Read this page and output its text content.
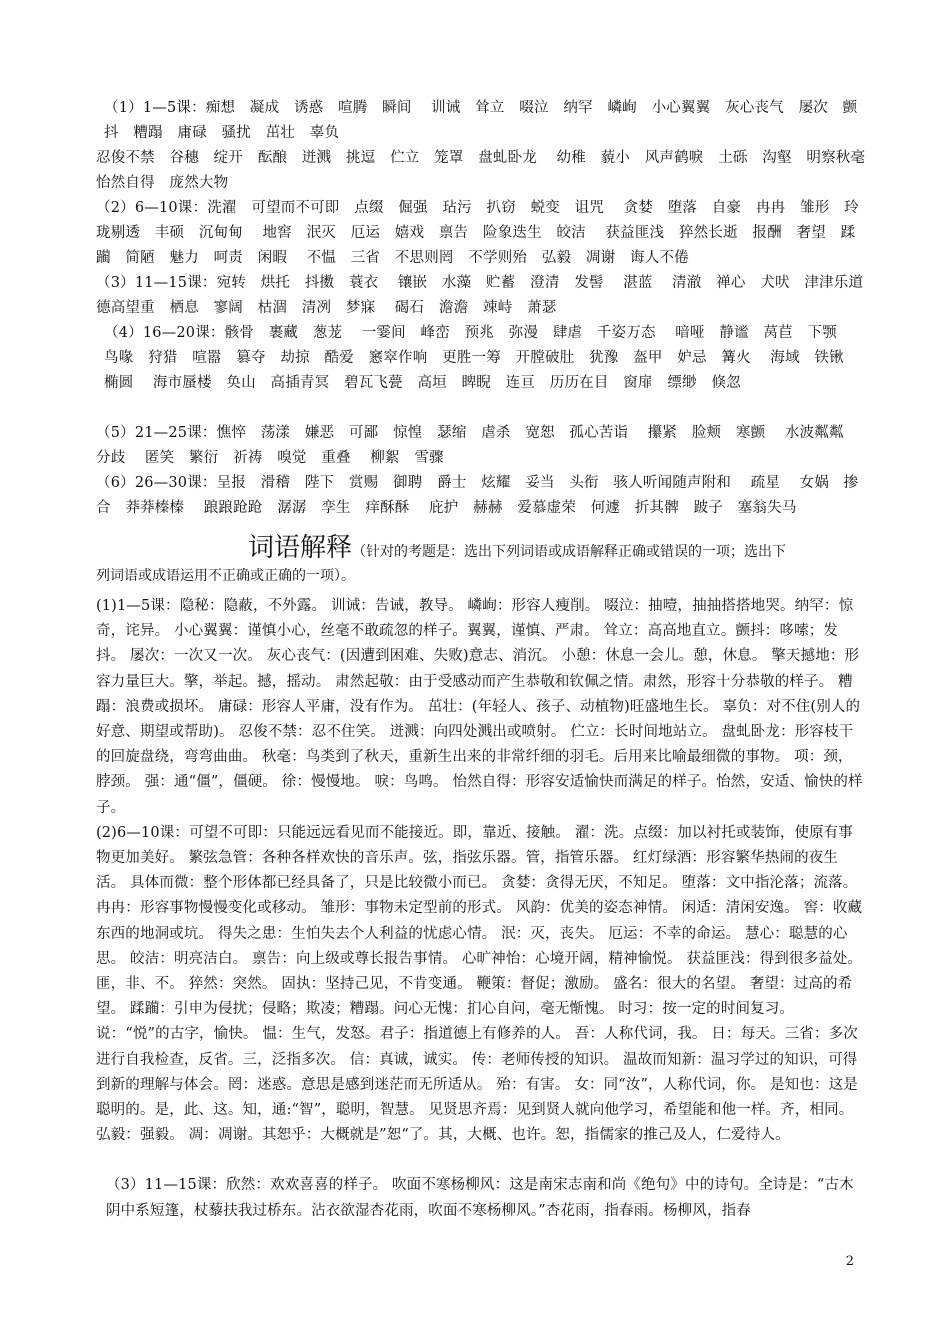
（1）1—5课：痴想　凝成　诱惑　喧腾　瞬间　 训诫　耸立　啜泣　纳罕　嶙峋　小心翼翼　灰心丧气　屡次　颤抖　糟蹋　庸碌　骚扰　茁壮　辜负

忍俊不禁　谷穗　绽开　酝酿　迸溅　挑逗　伫立　笼罩　盘虬卧龙　 幼稚　藐小　风声鹤唳　土砾　沟壑　明察秋毫　怡然自得　庞然大物

（2）6—10课：洗濯　可望而不可即　点缀　倔强　玷污　扒窃　蜕变　诅咒　 贪婪　堕落　自豪　冉冉　雏形　玲珑剔透　丰硕　沉甸甸　 地窖　泯灭　厄运　嬉戏　禀告　险象迭生　皎洁　 获益匪浅　猝然长逝　报酬　奢望　蹂躏　简陋　魅力　呵责　闲暇　 不愠　三省　不思则罔　不学则殆　弘毅　凋谢　诲人不倦

（3）11—15课：宛转　烘托　抖擞　蓑衣　 镶嵌　水藻　贮蓄　澄清　发髻　 湛蓝　 清澈　禅心　犬吠　津津乐道　德高望重　栖息　寥阔　枯涸　清冽　梦寐　 碣石　澹澹　竦峙　萧瑟

（4）16—20课：骸骨　裹藏　葱茏　 一霎间　峰峦　预兆　弥漫　肆虐　千姿万态　 喑哑　静谧　莴苣　下颚　鸟喙　狩猎　喧嚣　篡夺　劫掠　酷爱　窸窣作响　更胜一筹　开膛破肚　犹豫　盔甲　妒忌　篝火　 海域　铁锹　椭圆　 海市蜃楼　奂山　高插青冥　碧瓦飞甍　高垣　睥睨　连亘　历历在目　窗扉　缥缈　倏忽

（5）21—25课：憔悴　荡漾　嫌恶　可鄙　惊惶　瑟缩　虐杀　宽恕　孤心苦诣　 攥紧　脸颊　寒颤　 水波粼粼　分歧　 匿笑　繁衍　祈祷　嗅觉　重叠　 柳絮　雪骤

（6）26—30课：呈报　滑稽　陛下　赏赐　御聘　爵士　炫耀　妥当　头衔　骇人听闻随声附和　 疏星　 女娲　掺合　莽莽榛榛　 踉踉跄跄　潺潺　孪生　痒酥酥　 庇护　赫赫　爱慕虚荣　何遽　折其髀　跛子　塞翁失马

词语解释（针对的考题是：选出下列词语或成语解释正确或错误的一项；选出下
列词语或成语运用不正确或正确的一项）。

(1)1—5课：隐秘：隐蔽，不外露。 训诫：告诫，教导。 嶙峋：形容人瘦削。 啜泣：抽噎，抽抽搭搭地哭。纳罕：惊奇，诧异。 小心翼翼：谨慎小心，丝毫不敢疏忽的样子。翼翼，谨慎、严肃。 耸立：高高地直立。颤抖：哆嗦；发抖。 屡次：一次又一次。 灰心丧气：(因遭到困难、失败)意志、消沉。 小憩：休息一会儿。憩，休息。 擎天撼地：形容力量巨大。擎，举起。撼，摇动。 肃然起敬：由于受感动而产生恭敬和钦佩之情。肃然，形容十分恭敬的样子。 糟蹋：浪费或损坏。 庸碌：形容人平庸，没有作为。 茁壮：(年轻人、孩子、动植物)旺盛地生长。 辜负：对不住(别人的好意、期望或帮助)。 忍俊不禁：忍不住笑。 迸溅：向四处溅出或喷射。 伫立：长时间地站立。 盘虬卧龙：形容枝干的回旋盘绕，弯弯曲曲。 秋毫：鸟类到了秋天，重新生出来的非常纤细的羽毛。后用来比喻最细微的事物。 项：颈，脖颈。 强：通“僵”，僵硬。 徐：慢慢地。 唳：鸟鸣。 怡然自得：形容安适愉快而满足的样子。怡然，安适、愉快的样子。

(2)6—10课：可望不可即：只能远远看见而不能接近。即，靠近、接触。 濯：洗。点缀：加以衬托或装饰，使原有事物更加美好。 繁弦急管：各种各样欢快的音乐声。弦，指弦乐器。管，指管乐器。 红灯绿酒：形容繁华热闹的夜生活。 具体而微：整个形体都已经具备了，只是比较微小而已。 贪婪：贪得无厌，不知足。 堕落：文中指沦落；流落。冉冉：形容事物慢慢变化或移动。 雏形：事物未定型前的形式。 风韵：优美的姿态神情。 闲适：清闲安逸。 窖：收藏东西的地洞或坑。 得失之患：生怕失去个人利益的忧虑心情。 泯：灭，丧失。 厄运：不幸的命运。 慧心：聪慧的心思。 皎洁：明亮洁白。 禀告：向上级或尊长报告事情。 心旷神怡：心境开阔，精神愉悦。 获益匪浅：得到很多益处。匪，非、不。 猝然：突然。 固执：坚持己见，不肯变通。 鞭策：督促；激励。 盛名：很大的名望。 奢望：过高的希望。 蹂躏：引申为侵扰；侵略；欺凌；糟蹋。问心无愧：扪心自问，毫无惭愧。 时习：按一定的时间复习。 说：“悦”的古字，愉快。 愠：生气，发怒。君子：指道德上有修养的人。 吾：人称代词，我。 日：每天。三省：多次进行自我检查，反省。三，泛指多次。 信：真诚，诚实。 传：老师传授的知识。 温故而知新：温习学过的知识，可得到新的理解与体会。罔：迷惑。意思是感到迷茫而无所适从。 殆：有害。 女：同“汝”，人称代词，你。 是知也：这是聪明的。是，此、这。知，通:“智”，聪明，智慧。 见贤思齐焉：见到贤人就向他学习，希望能和他一样。齐，相同。 弘毅：强毅。 凋：凋谢。其恕乎：大概就是”恕“了。其，大概、也许。恕，指儒家的推己及人，仁爱待人。

（3）11—15课：欣然：欢欢喜喜的样子。 吹面不寒杨柳风：这是南宋志南和尚《绝句》中的诗句。全诗是：“古木阴中系短篷，杖藜扶我过桥东。沾衣欲湿杏花雨，吹面不寒杨柳风。”杏花雨，指春雨。杨柳风，指春

2
